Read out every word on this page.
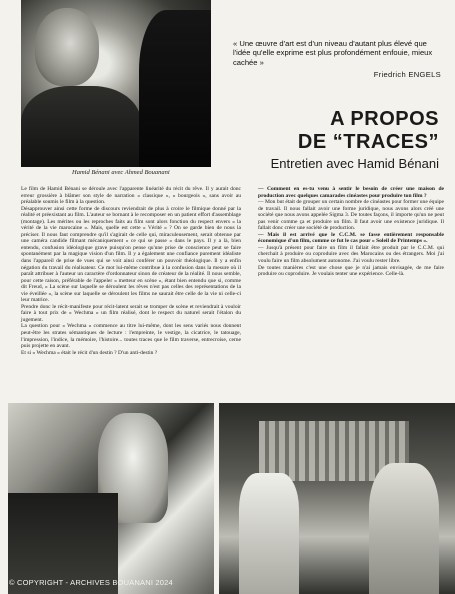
Hamid Bénani avec Ahmed Bouanani

« Une œuvre d'art est d'un niveau d'autant plus élevé que l'idée qu'elle exprime est plus profondément enfouie, mieux cachée »

Friedrich ENGELS
A PROPOS
DE “TRACES”
Entretien avec Hamid Bénani

Le film de Hamid Bénani se déroule avec l'apparente linéarité du récit du rêve. Il y aurait donc erreur grossière à blâmer son style de narration « classique », « bourgeois », sans avoir au préalable soumis le film à la question.

Désapprouver ainsi cette forme de discours reviendrait de plus à croire le filmique donné par la réalité et préexistant au film. L'auteur se bornant à le recomposer en un patient effort d'assemblage (montage). Les mérites ou les reproches faits au film sont alors fonction du respect envers « la vérité de la vie marocaine ». Mais, quelle est cette « Vérité » ? On se garde bien de nous la préciser. Il nous faut comprendre qu'il s'agirait de celle qui, miraculeusement, serait obtenue par une caméra candide filmant mécaniquement « ce qui se passe » dans le pays. Il y a là, bien entendu, confusion idéologique grave puisqu'on pense qu'une prise de conscience peut se faire spontanément par la magique vision d'un film. Il y a également une confiance purement idéaliste dans l'appareil de prise de vues qui se voit ainsi conférer un pouvoir théologique. Il y a enfin négation du travail du réalisateur. Ce mot lui-même contribue à la confusion dans la mesure où il paraît attribuer à l'auteur un caractère d'ordonnateur sinon de créateur de la réalité. Il nous semble, pour cette raison, préférable de l'appeler « metteur en scène », étant bien entendu que si, comme dit Freud, « La scène sur laquelle se déroulent les rêves n'est pas celles des représentations de la vie éveillée », la scène sur laquelle se déroulent les films ne saurait être celle de la vie ni celle-ci leur matrice.

Prendre donc le récit-manifeste pour récit-latent serait se tromper de scène et reviendrait à vouloir faire à tout prix de « Wechma » un film réalisé, dont le respect du naturel serait l'étalon du jugement.

La question pour « Wechma » commence au titre lui-même, dont les sens variés nous donnent peut-être les strates sémantiques de lecture : l'empreinte, le vestige, la cicatrice, le tatouage, l'impression, l'indice, la mémoire, l'histoire... toutes traces que le film traverse, entrecroise, cerne puis projette en avant.

Et si « Wechma » était le récit d'un destin ? D'un anti-destin ?

— Comment en es-tu venu à sentir le besoin de créer une maison de production avec quelques camarades cinéastes pour produire ton film ?

— Mon but était de grouper un certain nombre de cinéastes pour former une équipe de travail. Il nous fallait avoir une forme juridique, nous avons alors créé une société que nous avons appelée Sigma 3. De toutes façons, il importe qu'un ne peut pas venir comme ça et produire un film. Il faut avoir une existence juridique. Il fallait donc créer une société de production.

— Mais il est arrivé que le C.C.M. se fasse entièrement responsable économique d'un film, comme ce fut le cas pour « Soleil de Printemps ».

— Jusqu'à présent pour faire un film il fallait être produit par le C.C.M. qui cherchait à produire ou coproduire avec des Marocains ou des étrangers. Moi j'ai voulu faire un film absolument autonome. J'ai voulu rester libre.

De toutes manières c'est une chose que je n'ai jamais envisagée, de me faire produire ou coproduire. Je voulais tenter une expérience. Celle-là.

© COPYRIGHT - ARCHIVES BOUANANI 2024
